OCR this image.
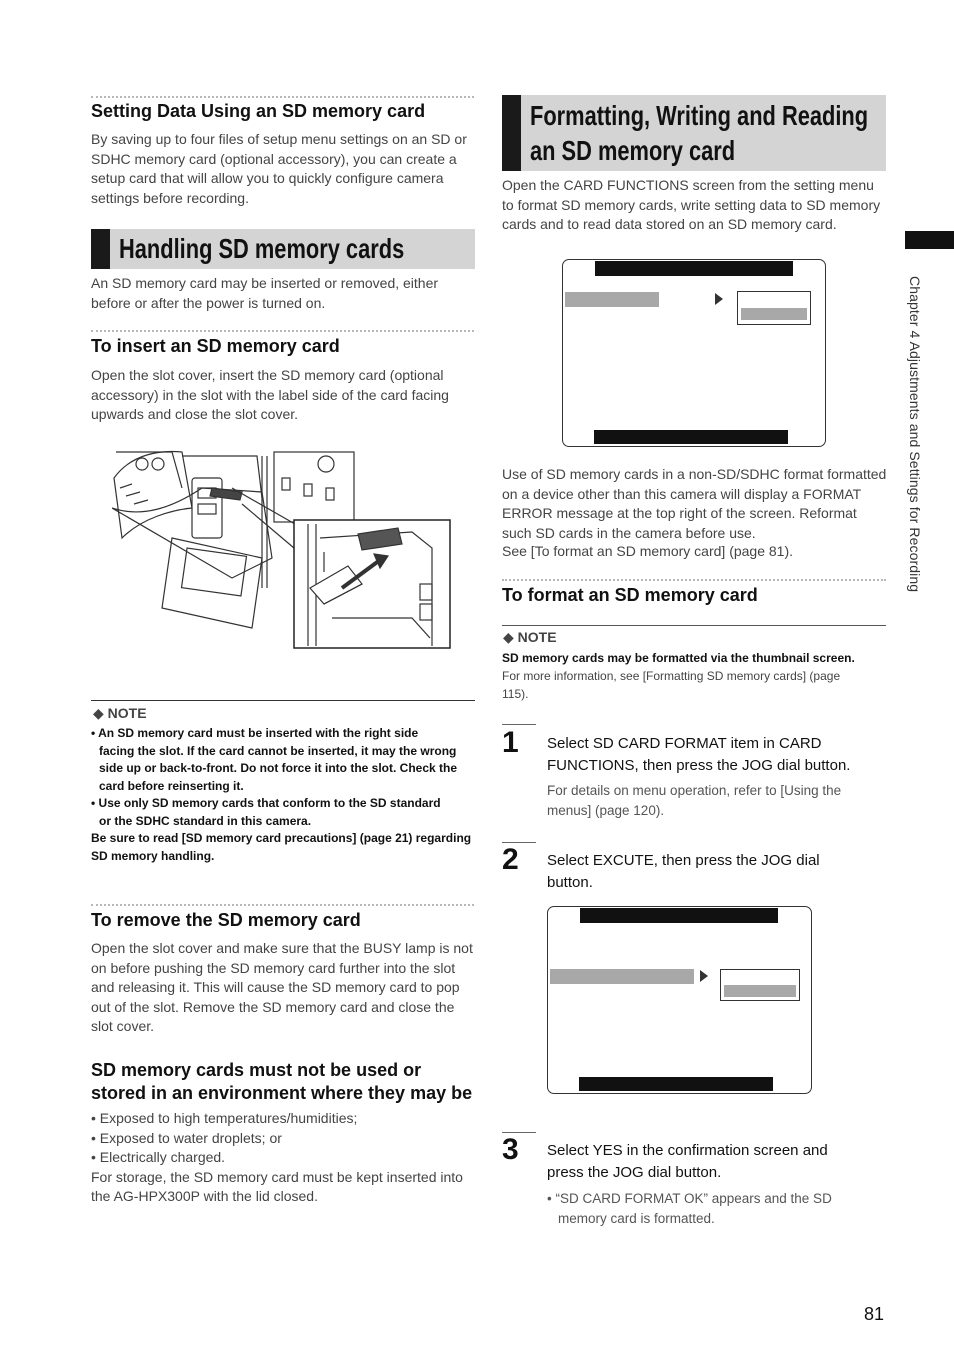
Setting Data Using an SD memory card

By saving up to four files of setup menu settings on an SD or SDHC memory card (optional accessory), you can create a setup card that will allow you to quickly configure camera settings before recording.

Handling SD memory cards

An SD memory card may be inserted or removed, either before or after the power is turned on.

To insert an SD memory card

Open the slot cover, insert the SD memory card (optional accessory) in the slot with the label side of the card facing upwards and close the slot cover.

◆ NOTE
• An SD memory card must be inserted with the right side
facing the slot. If the card cannot be inserted, it may the wrong side up or back-to-front. Do not force it into the slot. Check the card before reinserting it.
• Use only SD memory cards that conform to the SD standard
or the SDHC standard in this camera.
Be sure to read [SD memory card precautions] (page 21) regarding SD memory handling.
To remove the SD memory card

Open the slot cover and make sure that the BUSY lamp is not on before pushing the SD memory card further into the slot and releasing it. This will cause the SD memory card to pop out of the slot. Remove the SD memory card and close the slot cover.

SD memory cards must not be used or stored in an environment where they may be
• Exposed to high temperatures/humidities;
• Exposed to water droplets; or
• Electrically charged.
For storage, the SD memory card must be kept inserted into the AG-HPX300P with the lid closed.
Formatting, Writing and Reading
an SD memory card

Open the CARD FUNCTIONS screen from the setting menu to format SD memory cards, write setting data to SD memory cards and to read data stored on an SD memory card.

Use of SD memory cards in a non-SD/SDHC format formatted on a device other than this camera will display a FORMAT ERROR message at the top right of the screen. Reformat such SD cards in the camera before use.

See [To format an SD memory card] (page 81).

To format an SD memory card
◆ NOTE

SD memory cards may be formatted via the thumbnail screen.

For more information, see [Formatting SD memory cards] (page 115).

1 Select SD CARD FORMAT item in CARD FUNCTIONS, then press the JOG dial button.

For details on menu operation, refer to [Using the menus] (page 120).

2 Select EXCUTE, then press the JOG dial button.

3 Select YES in the confirmation screen and press the JOG dial button.

• “SD CARD FORMAT OK” appears and the SD memory card is formatted.

Chapter 4 Adjustments and Settings for Recording
81
